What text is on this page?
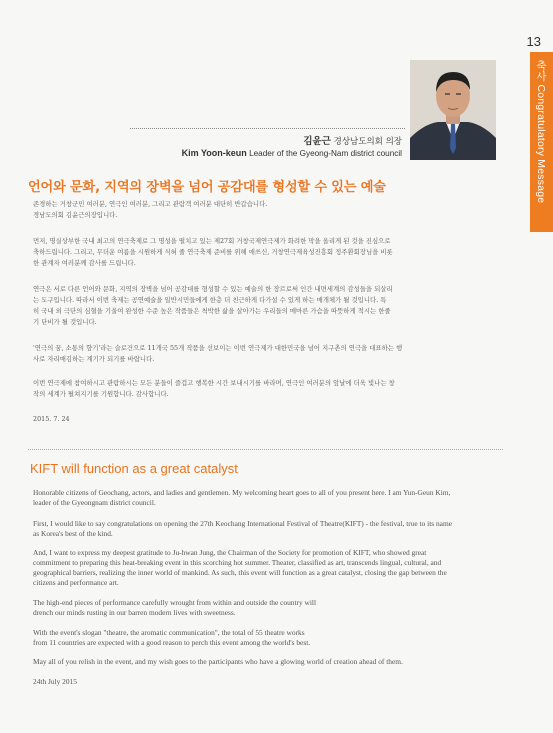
13
축사 Congratulatory Message
김윤근 경상남도의회 의장
Kim Yoon-keun Leader of the Gyeong-Nam district council
언어와 문화, 지역의 장벽을 넘어 공감대를 형성할 수 있는 예술

존경하는 거창군민 여러분, 연극인 여러분, 그리고 관람객 여러분 대단히 반갑습니다.

경남도의회 김윤근의장입니다.

먼저, 명실상부한 국내 최고의 연극축제로 그 명성을 떨치고 있는 제27회 거창국제연극제가 화려한 막을 올리게 된 것을 진심으로

축하드립니다. 그리고, 무더운 여름을 시원하게 식혀 줄 연극축제 준비를 위해 애쓰신, 거창연극제육성진흥회 정주환회장님을 비롯

한 관계자 여러분께 감사를 드립니다.

연극은 서로 다른 언어와 문화, 지역의 장벽을 넘어 공감대를 형성할 수 있는 예술의 한 장르로써 인간 내면세계의 감성들을 되살리

는 도구입니다. 따라서 이번 축제는 공연예술을 일반시민들에게 한층 더 친근하게 다가설 수 있게 하는 매개체가 될 것입니다. 특

히 국내 외 극단의 심혈을 기울여 완성한 수준 높은 작품들은 척박한 삶을 살아가는 우리들의 메마른 가슴을 따뜻하게 적시는 한줄

기 단비가 될 것입니다.

'연극의 꿈, 소통의 향기'라는 슬로건으로 11개국 55개 작품을 선보이는 이번 연극제가 대한민국을 넘어 지구촌의 연극을 대표하는 행

사로 자리매김하는 계기가 되기를 바랍니다.

이번 연극제에 참여하시고 관람하시는 모든 분들이 즐겁고 행복한 시간 보내시기를 바라며, 연극인 여러분의 앞날에 더욱 빛나는 창

작의 세계가 펼쳐지기를 기원합니다. 감사합니다.

2015. 7. 24

KIFT will function as a great catalyst

Honorable citizens of Geochang, actors, and ladies and gentlemen. My welcoming heart goes to all of you present here. I am Yun-Geun Kim,

leader of the Gyeongnam district council.

First, I would like to say congratulations on opening the 27th Keochang International Festival of Theatre(KIFT) - the festival, true to its name

as Korea's best of the kind.

And, I want to express my deepest gratitude to Ju-hwan Jung, the Chairman of the Society for promotion of KIFT, who showed great

commitment to preparing this heat-breaking event in this scorching hot summer. Theater, classified as art, transcends lingual, cultural, and

geographical barriers, realizing the inner world of mankind. As such, this event will function as a great catalyst, closing the gap between the

citizens and performance art.

The high-end pieces of performance carefully wrought from within and outside the country will

drench our minds rusting in our barren modern lives with sweetness.

With the event's slogan "theatre, the aromatic communication", the total of 55 theatre works

from 11 countries are expected with a good reason to perch this event among the world's best.

May all of you relish in the event, and my wish goes to the participants who have a glowing world of creation ahead of them.

24th July 2015
